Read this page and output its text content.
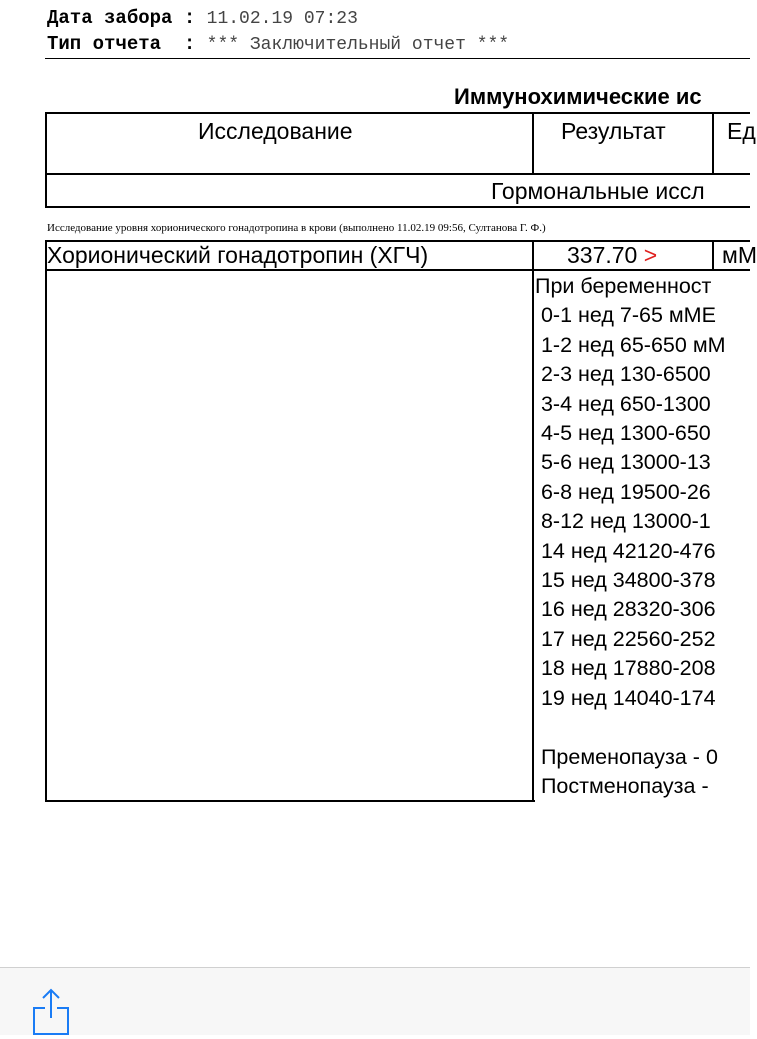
Дата забора : 11.02.19 07:23
Тип отчета : *** Заключительный отчет ***
Иммунохимические ис
Исследование	Результат	Ед
Гормональные иссл
Исследование уровня хорионического гонадотропина в крови (выполнено 11.02.19 09:56, Султанова Г. Ф.)
Хорионический гонадотропин (ХГЧ)	337.70 >	мМ
При беременност
0-1 нед 7-65 мМЕ
1-2 нед 65-650 мМ
2-3 нед 130-6500
3-4 нед 650-1300
4-5 нед 1300-650
5-6 нед 13000-13
6-8 нед 19500-26
8-12 нед 13000-1
14 нед 42120-476
15 нед 34800-378
16 нед 28320-306
17 нед 22560-252
18 нед 17880-208
19 нед 14040-174

Пременопауза - 0
Постменопауза -
